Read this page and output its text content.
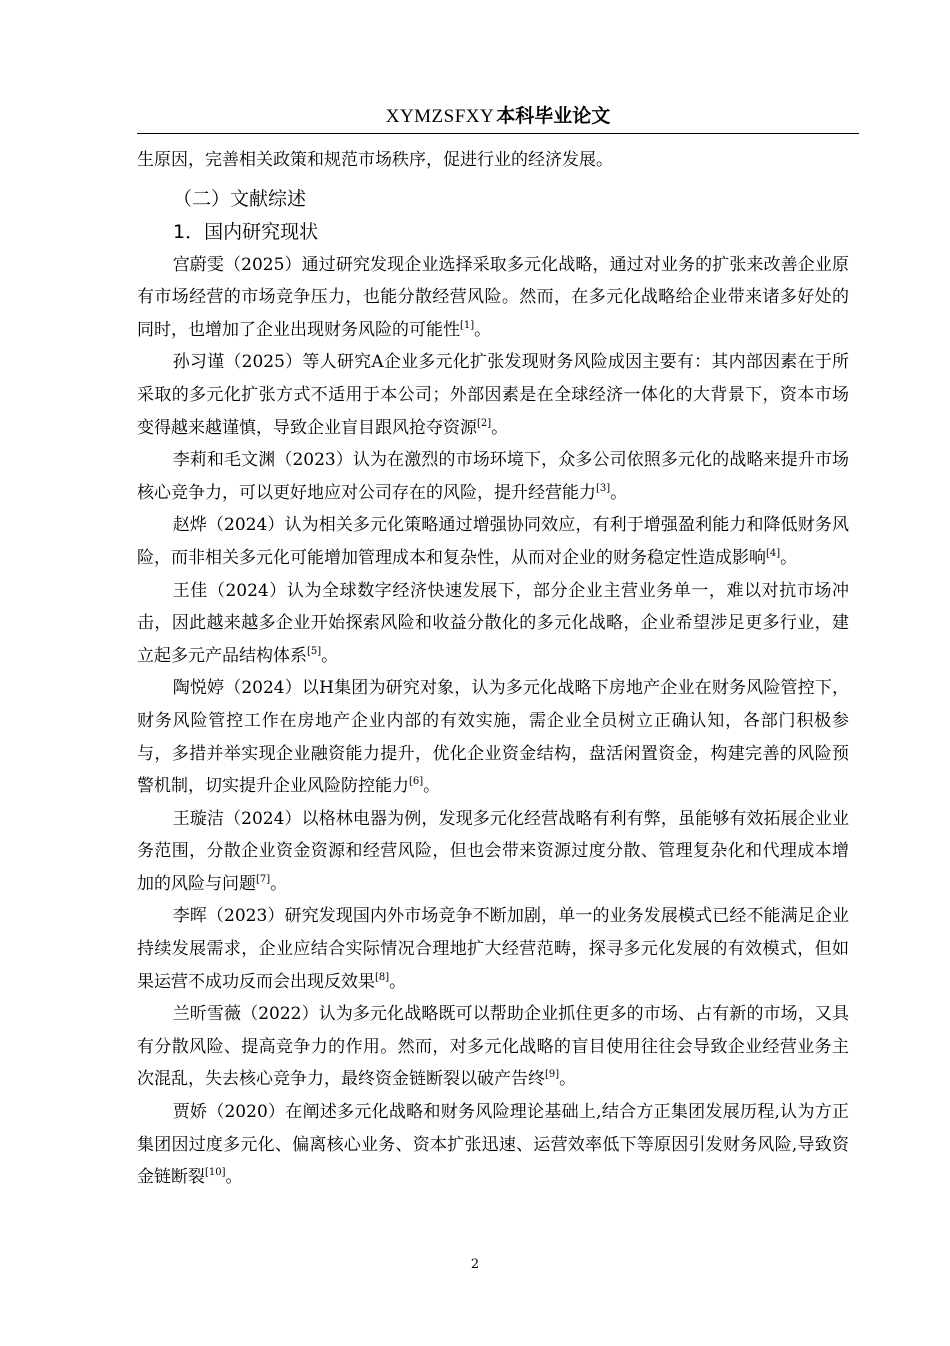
XYMZSFXY 本科毕业论文

生原因，完善相关政策和规范市场秩序，促进行业的经济发展。

（二）文献综述

1．国内研究现状

宫蔚雯（2025）通过研究发现企业选择采取多元化战略，通过对业务的扩张来改善企业原有市场经营的市场竞争压力，也能分散经营风险。然而，在多元化战略给企业带来诸多好处的同时，也增加了企业出现财务风险的可能性[1]。

孙习谨（2025）等人研究A企业多元化扩张发现财务风险成因主要有：其内部因素在于所采取的多元化扩张方式不适用于本公司；外部因素是在全球经济一体化的大背景下，资本市场变得越来越谨慎，导致企业盲目跟风抢夺资源[2]。

李莉和毛文渊（2023）认为在激烈的市场环境下，众多公司依照多元化的战略来提升市场核心竞争力，可以更好地应对公司存在的风险，提升经营能力[3]。

赵烨（2024）认为相关多元化策略通过增强协同效应，有利于增强盈利能力和降低财务风险，而非相关多元化可能增加管理成本和复杂性，从而对企业的财务稳定性造成影响[4]。

王佳（2024）认为全球数字经济快速发展下，部分企业主营业务单一，难以对抗市场冲击，因此越来越多企业开始探索风险和收益分散化的多元化战略，企业希望涉足更多行业，建立起多元产品结构体系[5]。

陶悦婷（2024）以H集团为研究对象，认为多元化战略下房地产企业在财务风险管控下，财务风险管控工作在房地产企业内部的有效实施，需企业全员树立正确认知，各部门积极参与，多措并举实现企业融资能力提升，优化企业资金结构，盘活闲置资金，构建完善的风险预警机制，切实提升企业风险防控能力[6]。

王璇洁（2024）以格林电器为例，发现多元化经营战略有利有弊，虽能够有效拓展企业业务范围，分散企业资金资源和经营风险，但也会带来资源过度分散、管理复杂化和代理成本增加的风险与问题[7]。

李晖（2023）研究发现国内外市场竞争不断加剧，单一的业务发展模式已经不能满足企业持续发展需求，企业应结合实际情况合理地扩大经营范畴，探寻多元化发展的有效模式，但如果运营不成功反而会出现反效果[8]。

兰昕雪薇（2022）认为多元化战略既可以帮助企业抓住更多的市场、占有新的市场，又具有分散风险、提高竞争力的作用。然而，对多元化战略的盲目使用往往会导致企业经营业务主次混乱，失去核心竞争力，最终资金链断裂以破产告终[9]。

贾娇（2020）在阐述多元化战略和财务风险理论基础上,结合方正集团发展历程,认为方正集团因过度多元化、偏离核心业务、资本扩张迅速、运营效率低下等原因引发财务风险,导致资金链断裂[10]。

2
